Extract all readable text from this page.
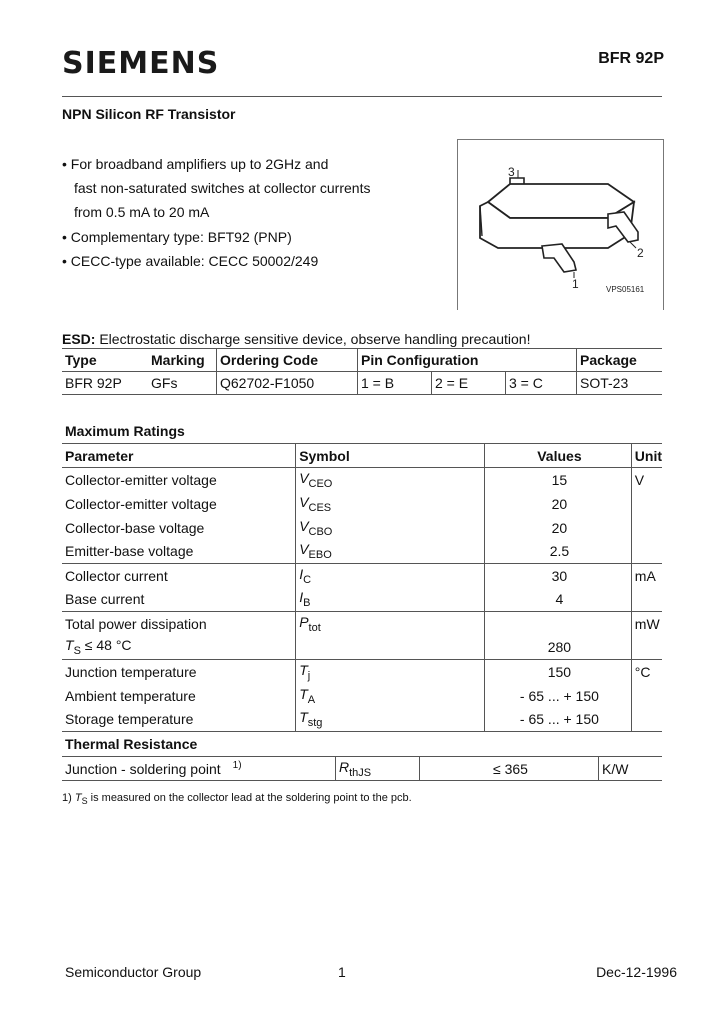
SIEMENS	BFR 92P
NPN Silicon RF Transistor
• For broadband amplifiers up to 2GHz and
fast non-saturated switches at collector currents
from 0.5 mA to 20 mA
• Complementary type: BFT92 (PNP)
• CECC-type available: CECC 50002/249
3
2
1	VPS05161
ESD: Electrostatic discharge sensitive device, observe handling precaution!
Type	Marking	Ordering Code	Pin Configuration			Package
BFR 92P	GFs	Q62702-F1050	1 = B	2 = E	3 = C	SOT-23
Maximum Ratings
Parameter	Symbol	Values	Unit
Collector-emitter voltage	$V_{CEO}$	15	V
Collector-emitter voltage	$V_{CES}$	20	
Collector-base voltage	$V_{CBO}$	20	
Emitter-base voltage	$V_{EBO}$	2.5	
Collector current	$I_C$	30	mA
Base current	$I_B$	4	
Total power dissipation	$P_{tot}$		mW
$T_S \le 48$ °C		280	
Junction temperature	$T_j$	150	°C
Ambient temperature	$T_A$	- 65 ... + 150	
Storage temperature	$T_{stg}$	- 65 ... + 150	
Thermal Resistance
Junction - soldering point $^{1)}$	$R_{thJS}$	≤ 365	K/W
1) $T_S$ is measured on the collector lead at the soldering point to the pcb.
Semiconductor Group	1	Dec-12-1996
